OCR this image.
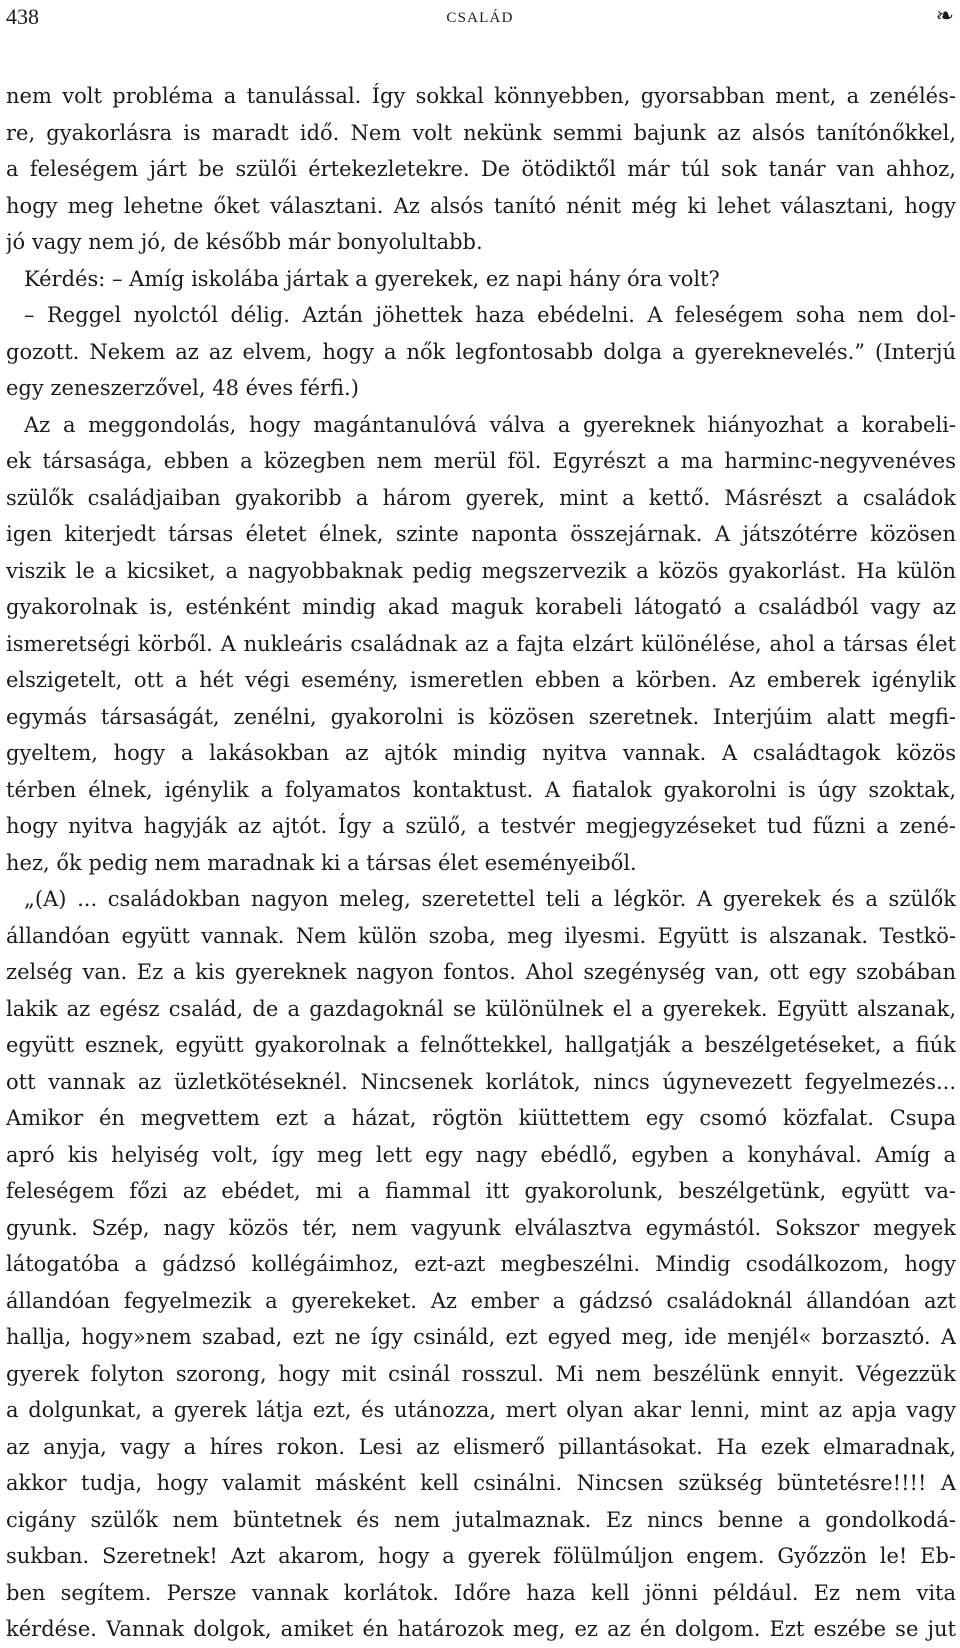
438	CSALÁD	❧
nem volt probléma a tanulással. Így sokkal könnyebben, gyorsabban ment, a zenélés-
re, gyakorlásra is maradt idő. Nem volt nekünk semmi bajunk az alsós tanítónőkkel,
a feleségem járt be szülői értekezletekre. De ötödiktől már túl sok tanár van ahhoz,
hogy meg lehetne őket választani. Az alsós tanító nénit még ki lehet választani, hogy
jó vagy nem jó, de később már bonyolultabb.
Kérdés: – Amíg iskolába jártak a gyerekek, ez napi hány óra volt?
– Reggel nyolctól délig. Aztán jöhettek haza ebédelni. A feleségem soha nem dol-
gozott. Nekem az az elvem, hogy a nők legfontosabb dolga a gyereknevelés.” (Interjú
egy zeneszerzővel, 48 éves férfi.)
Az a meggondolás, hogy magántanulóvá válva a gyereknek hiányozhat a korabeli-
ek társasága, ebben a közegben nem merül föl. Egyrészt a ma harminc-negyvenéves
szülők családjaiban gyakoribb a három gyerek, mint a kettő. Másrészt a családok
igen kiterjedt társas életet élnek, szinte naponta összejárnak. A játszótérre közösen
viszik le a kicsiket, a nagyobbaknak pedig megszervezik a közös gyakorlást. Ha külön
gyakorolnak is, esténként mindig akad maguk korabeli látogató a családból vagy az
ismeretségi körből. A nukleáris családnak az a fajta elzárt különélése, ahol a társas élet
elszigetelt, ott a hét végi esemény, ismeretlen ebben a körben. Az emberek igénylik
egymás társaságát, zenélni, gyakorolni is közösen szeretnek. Interjúim alatt megfi-
gyeltem, hogy a lakásokban az ajtók mindig nyitva vannak. A családtagok közös
térben élnek, igénylik a folyamatos kontaktust. A fiatalok gyakorolni is úgy szoktak,
hogy nyitva hagyják az ajtót. Így a szülő, a testvér megjegyzéseket tud fűzni a zené-
hez, ők pedig nem maradnak ki a társas élet eseményeiből.
„(A) ... családokban nagyon meleg, szeretettel teli a légkör. A gyerekek és a szülők
állandóan együtt vannak. Nem külön szoba, meg ilyesmi. Együtt is alszanak. Testkö-
zelség van. Ez a kis gyereknek nagyon fontos. Ahol szegénység van, ott egy szobában
lakik az egész család, de a gazdagoknál se különülnek el a gyerekek. Együtt alszanak,
együtt esznek, együtt gyakorolnak a felnőttekkel, hallgatják a beszélgetéseket, a fiúk
ott vannak az üzletkötéseknél. Nincsenek korlátok, nincs úgynevezett fegyelmezés...
Amikor én megvettem ezt a házat, rögtön kiüttettem egy csomó közfalat. Csupa
apró kis helyiség volt, így meg lett egy nagy ebédlő, egyben a konyhával. Amíg a
feleségem főzi az ebédet, mi a fiammal itt gyakorolunk, beszélgetünk, együtt va-
gyunk. Szép, nagy közös tér, nem vagyunk elválasztva egymástól. Sokszor megyek
látogatóba a gádzsó kollégáimhoz, ezt-azt megbeszélni. Mindig csodálkozom, hogy
állandóan fegyelmezik a gyerekeket. Az ember a gádzsó családoknál állandóan azt
hallja, hogy»nem szabad, ezt ne így csináld, ezt egyed meg, ide menjél« borzasztó. A
gyerek folyton szorong, hogy mit csinál rosszul. Mi nem beszélünk ennyit. Végezzük
a dolgunkat, a gyerek látja ezt, és utánozza, mert olyan akar lenni, mint az apja vagy
az anyja, vagy a híres rokon. Lesi az elismerő pillantásokat. Ha ezek elmaradnak,
akkor tudja, hogy valamit másként kell csinálni. Nincsen szükség büntetésre!!!! A
cigány szülők nem büntetnek és nem jutalmaznak. Ez nincs benne a gondolkodá-
sukban. Szeretnek! Azt akarom, hogy a gyerek fölülmúljon engem. Győzzön le! Eb-
ben segítem. Persze vannak korlátok. Időre haza kell jönni például. Ez nem vita
kérdése. Vannak dolgok, amiket én határozok meg, ez az én dolgom. Ezt eszébe se jut
